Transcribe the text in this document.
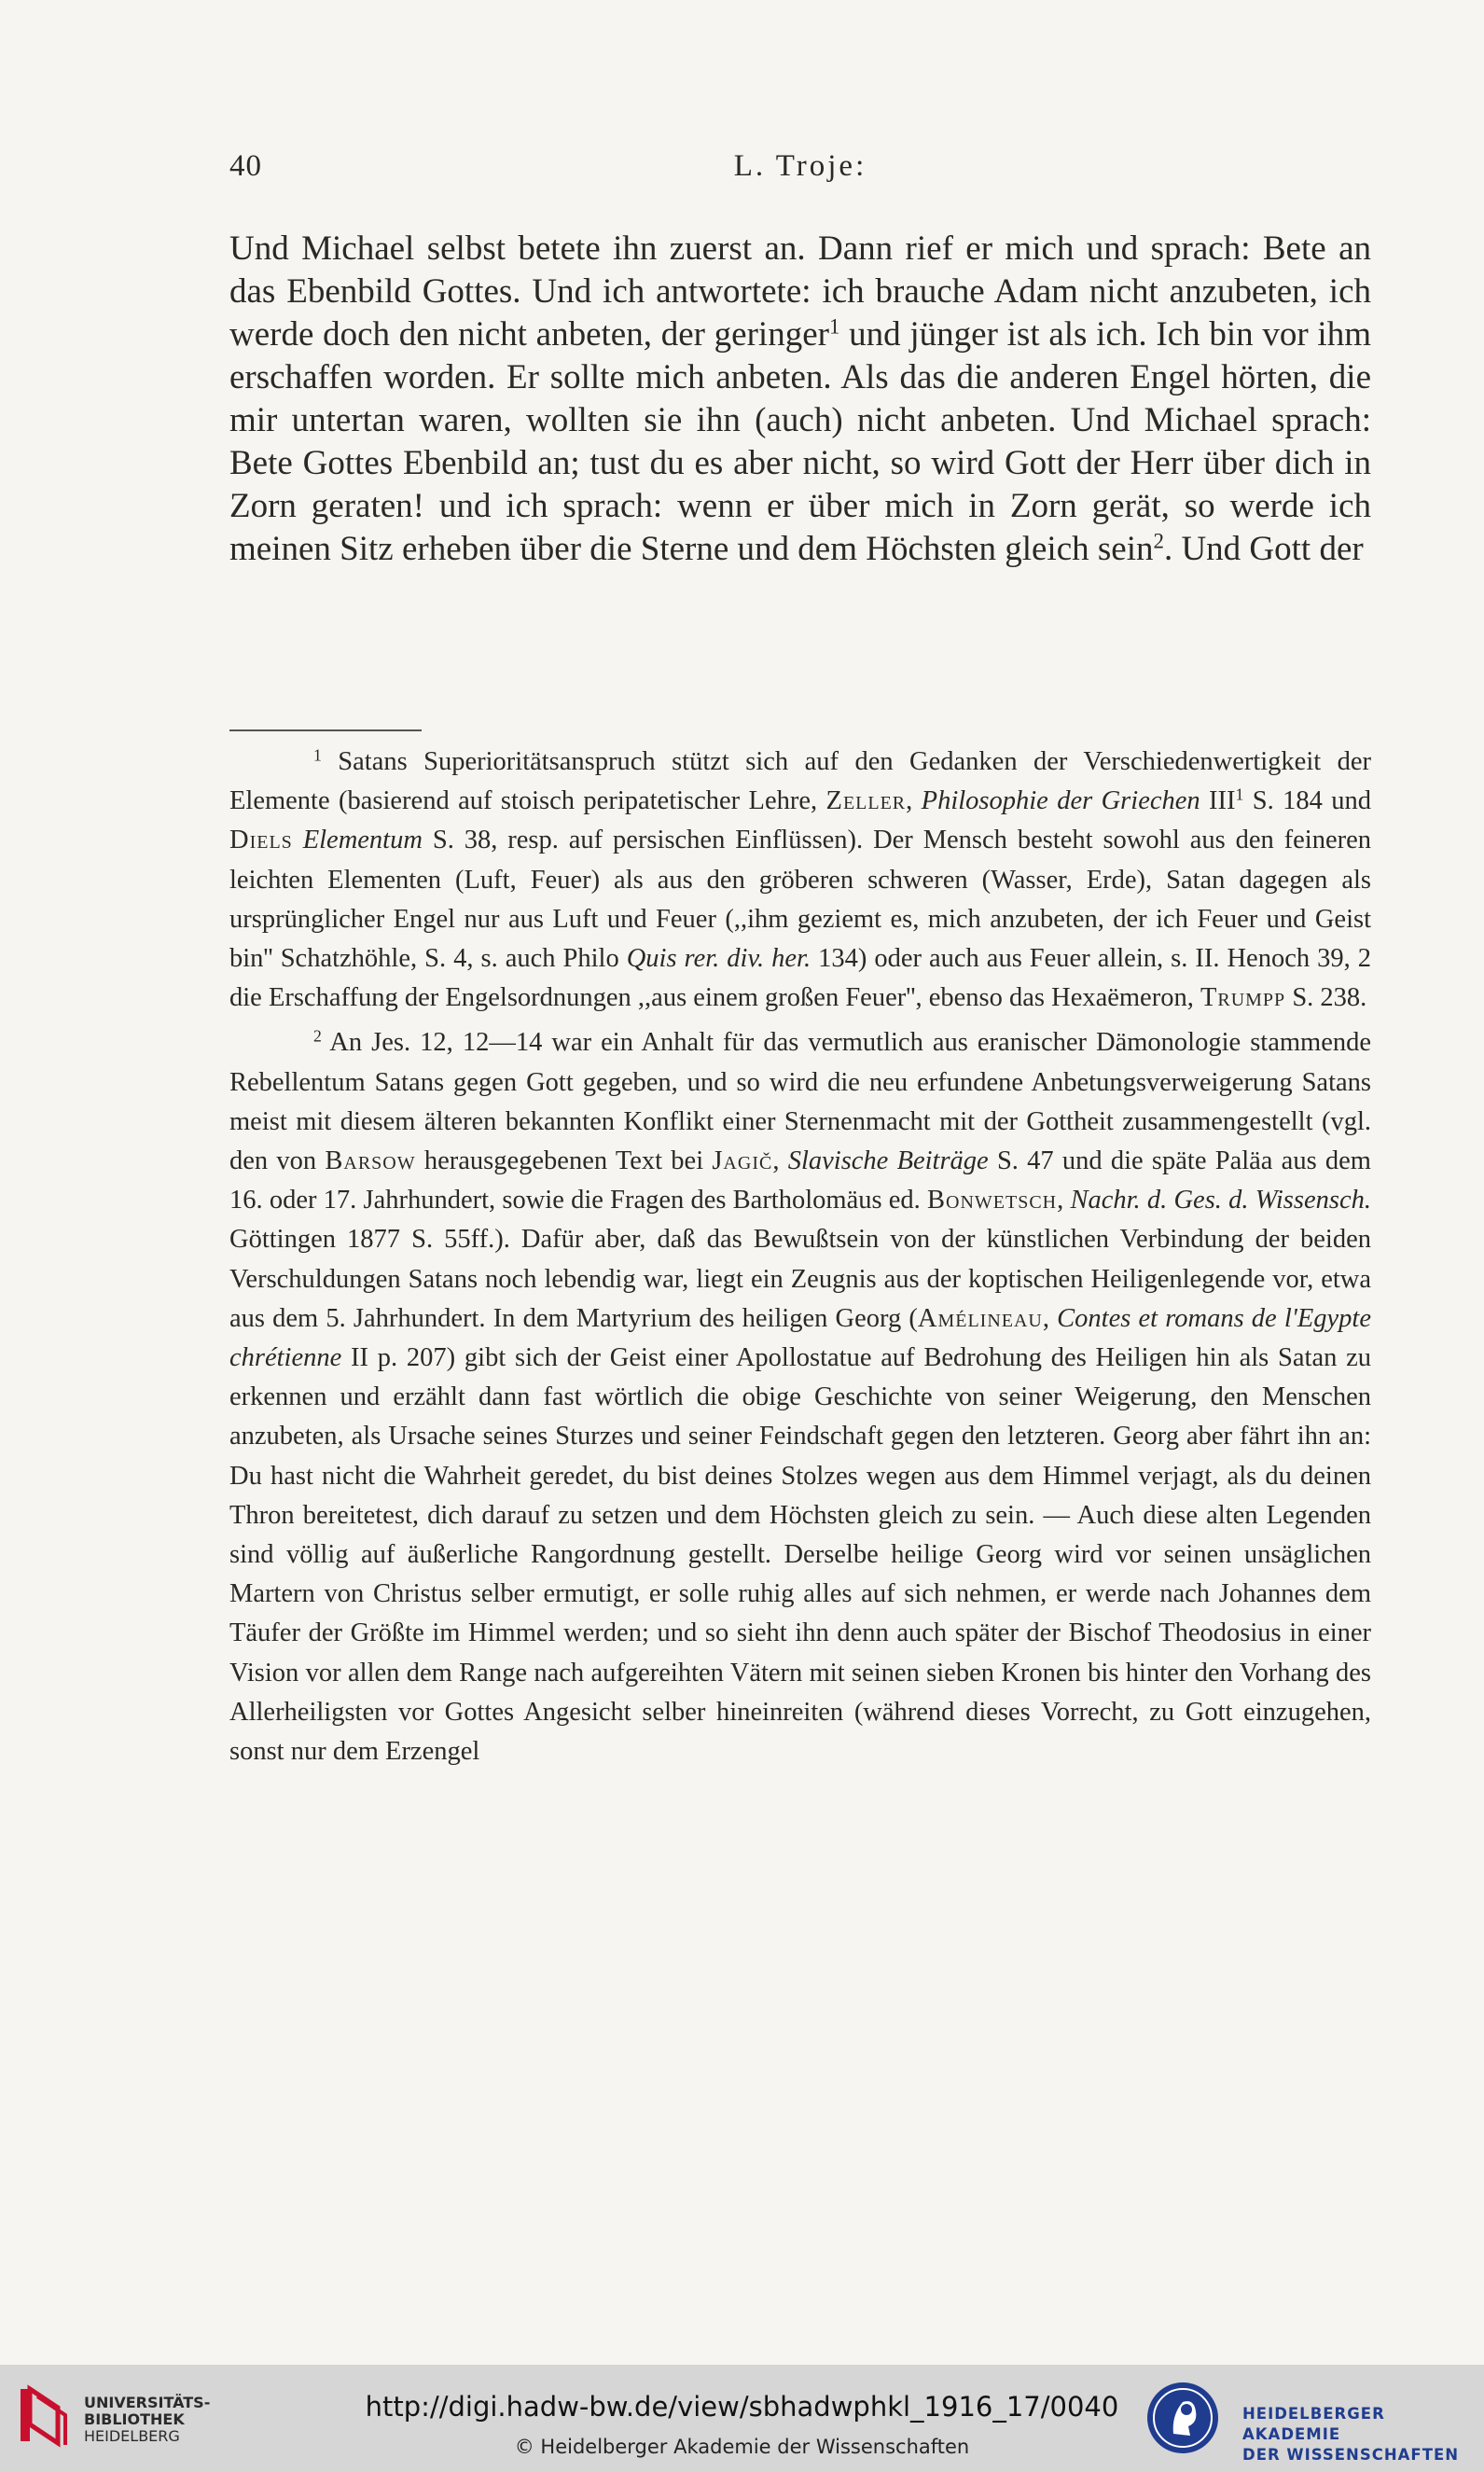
40	L. Troje:

Und Michael selbst betete ihn zuerst an. Dann rief er mich und sprach: Bete an das Ebenbild Gottes. Und ich antwortete: ich brauche Adam nicht anzubeten, ich werde doch den nicht anbeten, der geringer$^1$ und jünger ist als ich. Ich bin vor ihm erschaffen worden. Er sollte mich anbeten. Als das die anderen Engel hörten, die mir untertan waren, wollten sie ihn (auch) nicht anbeten. Und Michael sprach: Bete Gottes Ebenbild an; tust du es aber nicht, so wird Gott der Herr über dich in Zorn geraten! und ich sprach: wenn er über mich in Zorn gerät, so werde ich meinen Sitz erheben über die Sterne und dem Höchsten gleich sein$^2$. Und Gott der

$^1$ Satans Superioritätsanspruch stützt sich auf den Gedanken der Verschiedenwertigkeit der Elemente (basierend auf stoisch peripatetischer Lehre, Zeller, Philosophie der Griechen III$^1$ S. 184 und Diels Elementum S. 38, resp. auf persischen Einflüssen). Der Mensch besteht sowohl aus den feineren leichten Elementen (Luft, Feuer) als aus den gröberen schweren (Wasser, Erde), Satan dagegen als ursprünglicher Engel nur aus Luft und Feuer (,,ihm geziemt es, mich anzubeten, der ich Feuer und Geist bin'' Schatzhöhle, S. 4, s. auch Philo Quis rer. div. her. 134) oder auch aus Feuer allein, s. II. Henoch 39, 2 die Erschaffung der Engelsordnungen ,,aus einem großen Feuer'', ebenso das Hexaëmeron, Trumpp S. 238.

$^2$ An Jes. 12, 12—14 war ein Anhalt für das vermutlich aus eranischer Dämonologie stammende Rebellentum Satans gegen Gott gegeben, und so wird die neu erfundene Anbetungsverweigerung Satans meist mit diesem älteren bekannten Konflikt einer Sternenmacht mit der Gottheit zusammengestellt (vgl. den von Barsow herausgegebenen Text bei Jagič, Slavische Beiträge S. 47 und die späte Paläa aus dem 16. oder 17. Jahrhundert, sowie die Fragen des Bartholomäus ed. Bonwetsch, Nachr. d. Ges. d. Wissensch. Göttingen 1877 S. 55ff.). Dafür aber, daß das Bewußtsein von der künstlichen Verbindung der beiden Verschuldungen Satans noch lebendig war, liegt ein Zeugnis aus der koptischen Heiligenlegende vor, etwa aus dem 5. Jahrhundert. In dem Martyrium des heiligen Georg (Amélineau, Contes et romans de l'Egypte chrétienne II p. 207) gibt sich der Geist einer Apollostatue auf Bedrohung des Heiligen hin als Satan zu erkennen und erzählt dann fast wörtlich die obige Geschichte von seiner Weigerung, den Menschen anzubeten, als Ursache seines Sturzes und seiner Feindschaft gegen den letzteren. Georg aber fährt ihn an: Du hast nicht die Wahrheit geredet, du bist deines Stolzes wegen aus dem Himmel verjagt, als du deinen Thron bereitetest, dich darauf zu setzen und dem Höchsten gleich zu sein. — Auch diese alten Legenden sind völlig auf äußerliche Rangordnung gestellt. Derselbe heilige Georg wird vor seinen unsäglichen Martern von Christus selber ermutigt, er solle ruhig alles auf sich nehmen, er werde nach Johannes dem Täufer der Größte im Himmel werden; und so sieht ihn denn auch später der Bischof Theodosius in einer Vision vor allen dem Range nach aufgereihten Vätern mit seinen sieben Kronen bis hinter den Vorhang des Allerheiligsten vor Gottes Angesicht selber hineinreiten (während dieses Vorrecht, zu Gott einzugehen, sonst nur dem Erzengel

UNIVERSITÄTS-
BIBLIOTHEK
HEIDELBERG
http://digi.hadw-bw.de/view/sbhadwphkl_1916_17/0040
© Heidelberger Akademie der Wissenschaften
HEIDELBERGER AKADEMIE
DER WISSENSCHAFTEN
